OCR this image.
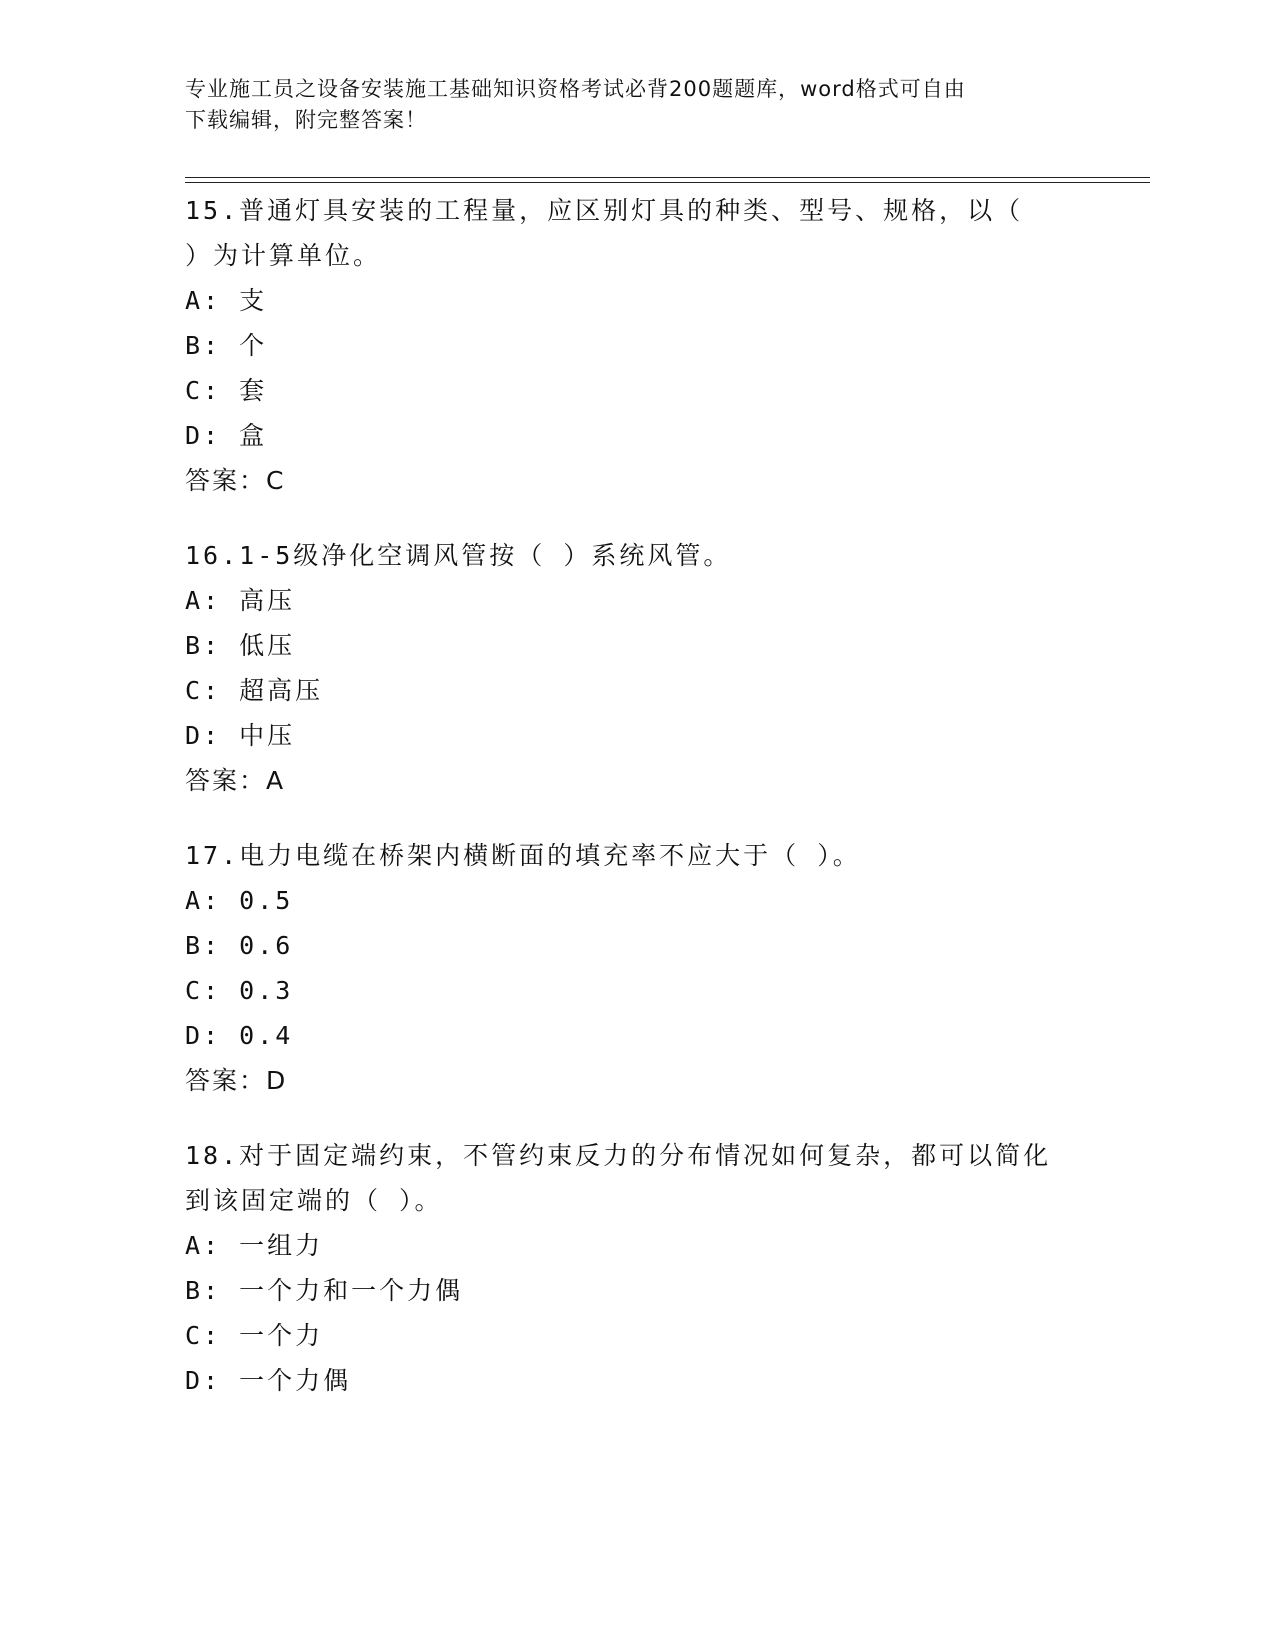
专业施工员之设备安装施工基础知识资格考试必背200题题库，word格式可自由
下载编辑，附完整答案！
15.普通灯具安装的工程量，应区别灯具的种类、型号、规格，以（
）为计算单位。
A: 支
B: 个
C: 套
D: 盒
答案：C
16.1-5级净化空调风管按（ ）系统风管。
A: 高压
B: 低压
C: 超高压
D: 中压
答案：A
17.电力电缆在桥架内横断面的填充率不应大于（ ）。
A: 0.5
B: 0.6
C: 0.3
D: 0.4
答案：D
18.对于固定端约束，不管约束反力的分布情况如何复杂，都可以简化
到该固定端的（ ）。
A: 一组力
B: 一个力和一个力偶
C: 一个力
D: 一个力偶
